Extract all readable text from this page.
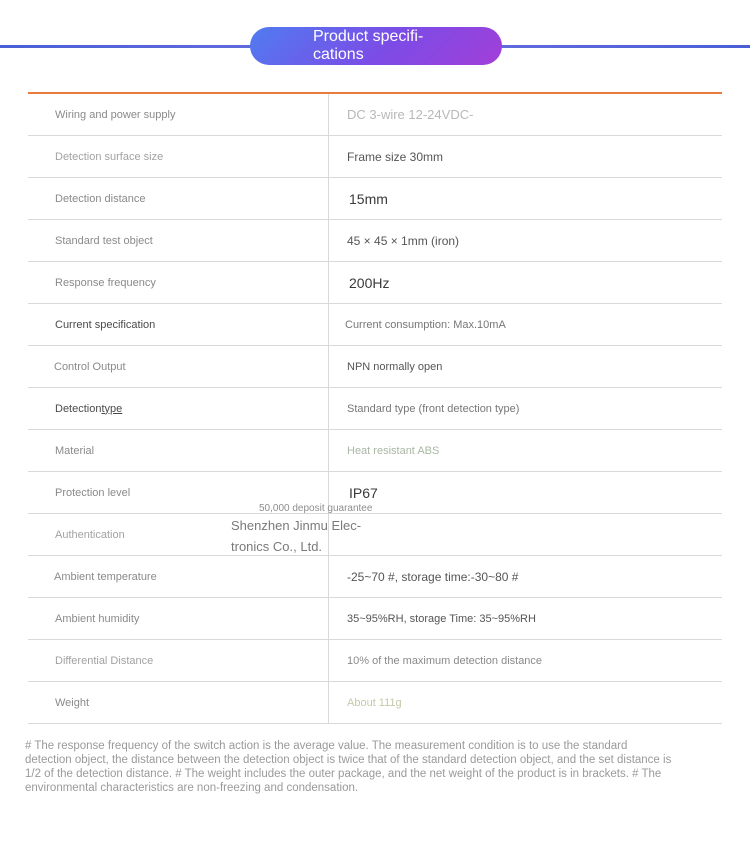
Product specifi-
cations
Wiring and power supply	DC 3-wire 12-24VDC-
Detection surface size	Frame size 30mm
Detection distance	15mm
Standard test object	45 × 45 × 1mm (iron)
Response frequency	200Hz
Current specification	Current consumption: Max.10mA
Control Output	NPN normally open
Detection type	Standard type (front detection type)
Material	Heat resistant ABS
Protection level	IP67
Authentication
Ambient temperature	-25~70 #, storage time:-30~80 #
Ambient humidity	35~95%RH, storage Time: 35~95%RH
Differential Distance	10% of the maximum detection distance
Weight	About 111g
50,000 deposit guarantee
Shenzhen Jinmu Elec-
tronics Co., Ltd.
# The response frequency of the switch action is the average value. The measurement condition is to use the standard detection object, the distance between the detection object is twice that of the standard detection object, and the set distance is 1/2 of the detection distance. # The weight includes the outer package, and the net weight of the product is in brackets. # The environmental characteristics are non-freezing and condensation.
